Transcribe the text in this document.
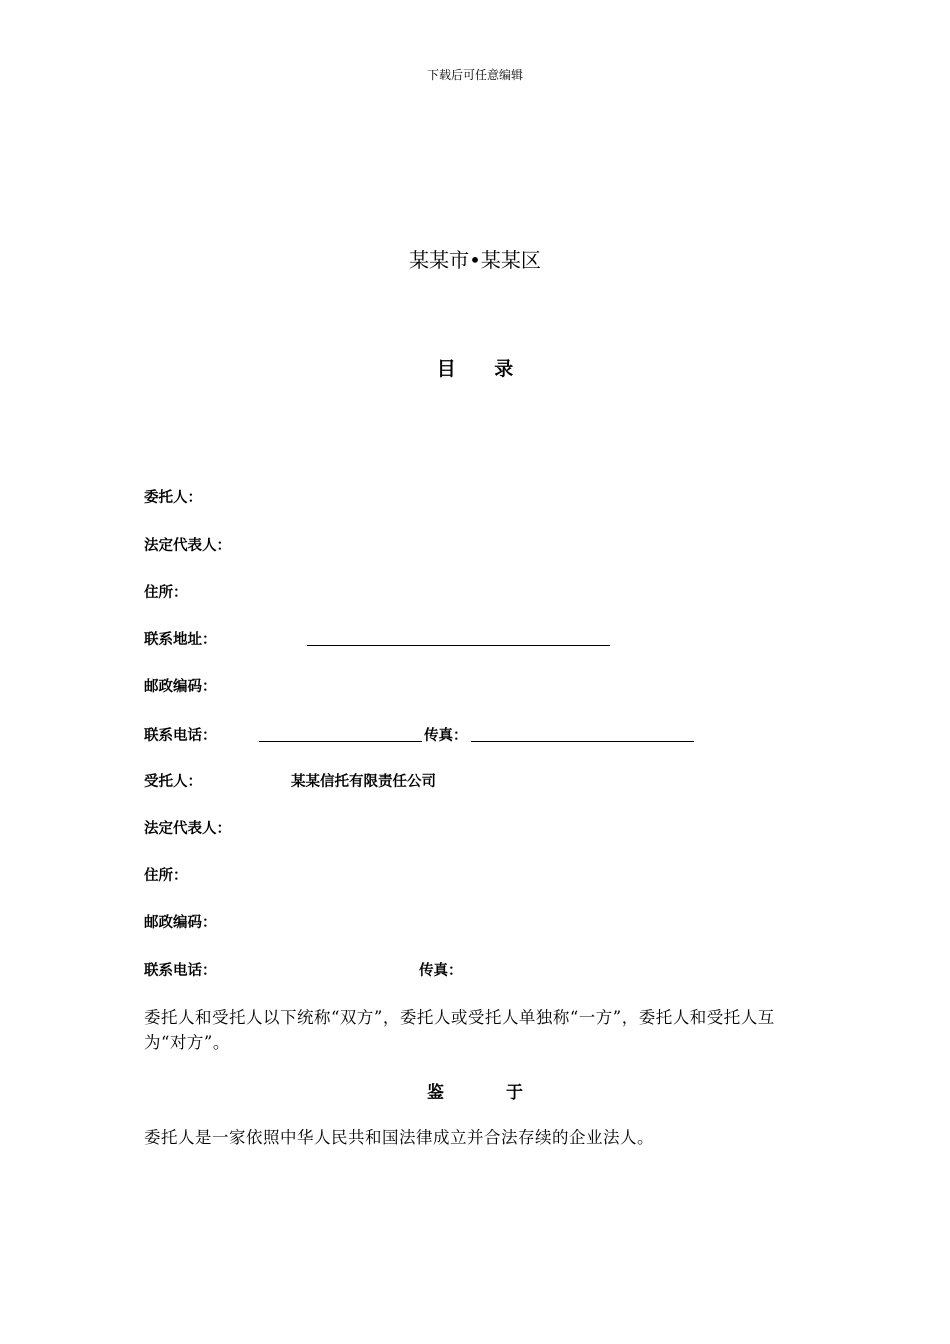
下载后可任意编辑
某某市•某某区
目 录
委托人：
法定代表人：
住所：
联系地址：
邮政编码：
联系电话：	传真：
受托人：	某某信托有限责任公司
法定代表人：
住所：
邮政编码：
联系电话：	传真：
委托人和受托人以下统称“双方”，委托人或受托人单独称“一方”，委托人和受托人互为“对方”。
鉴 于
委托人是一家依照中华人民共和国法律成立并合法存续的企业法人。
